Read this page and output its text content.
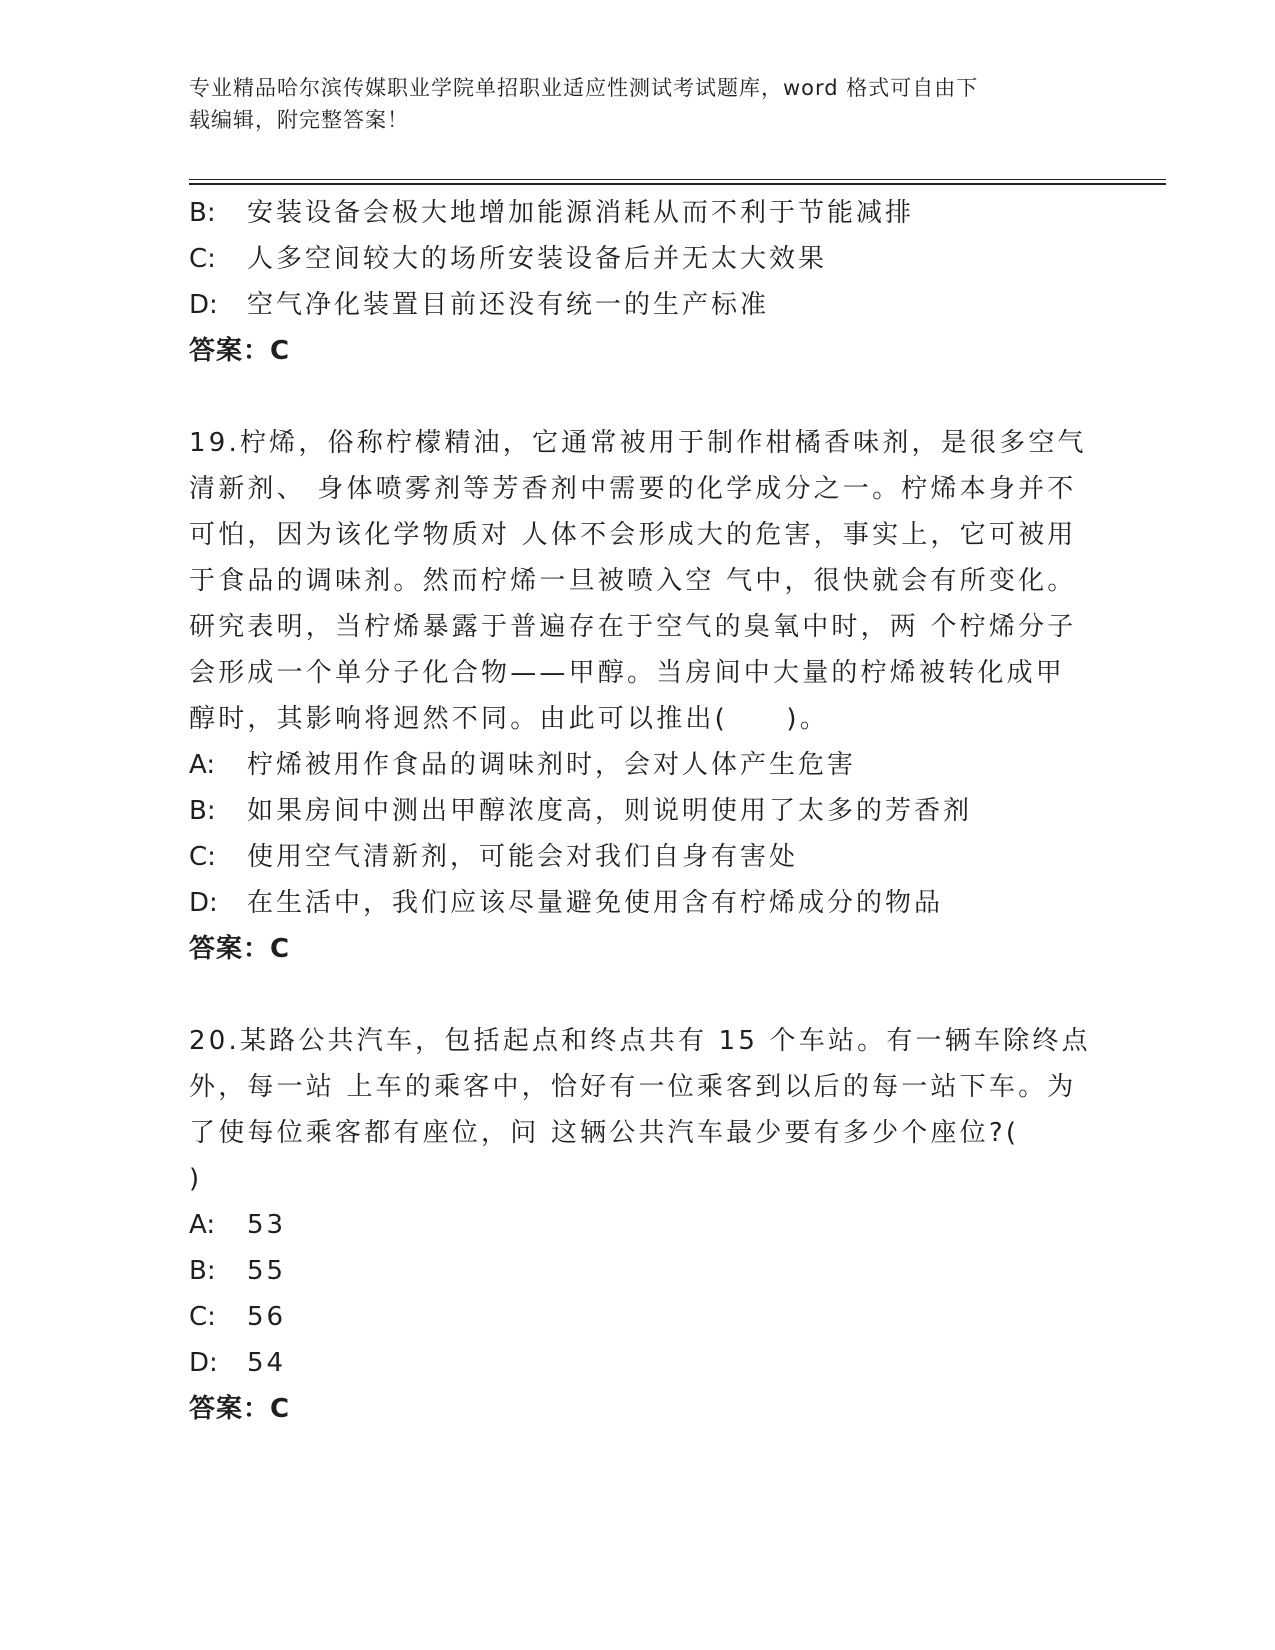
专业精品哈尔滨传媒职业学院单招职业适应性测试考试题库，word 格式可自由下
载编辑，附完整答案！
B: 安装设备会极大地增加能源消耗从而不利于节能减排
C: 人多空间较大的场所安装设备后并无太大效果
D: 空气净化装置目前还没有统一的生产标准
答案：C
19.柠烯，俗称柠檬精油，它通常被用于制作柑橘香味剂，是很多空气
清新剂、 身体喷雾剂等芳香剂中需要的化学成分之一。柠烯本身并不
可怕，因为该化学物质对 人体不会形成大的危害，事实上，它可被用
于食品的调味剂。然而柠烯一旦被喷入空 气中，很快就会有所变化。
研究表明，当柠烯暴露于普遍存在于空气的臭氧中时，两 个柠烯分子
会形成一个单分子化合物——甲醇。当房间中大量的柠烯被转化成甲
醇时，其影响将迥然不同。由此可以推出(　　)。
A: 柠烯被用作食品的调味剂时，会对人体产生危害
B: 如果房间中测出甲醇浓度高，则说明使用了太多的芳香剂
C: 使用空气清新剂，可能会对我们自身有害处
D: 在生活中，我们应该尽量避免使用含有柠烯成分的物品
答案：C
20.某路公共汽车，包括起点和终点共有 15 个车站。有一辆车除终点
外，每一站 上车的乘客中，恰好有一位乘客到以后的每一站下车。为
了使每位乘客都有座位，问 这辆公共汽车最少要有多少个座位?(
)
A: 53
B: 55
C: 56
D: 54
答案：C
